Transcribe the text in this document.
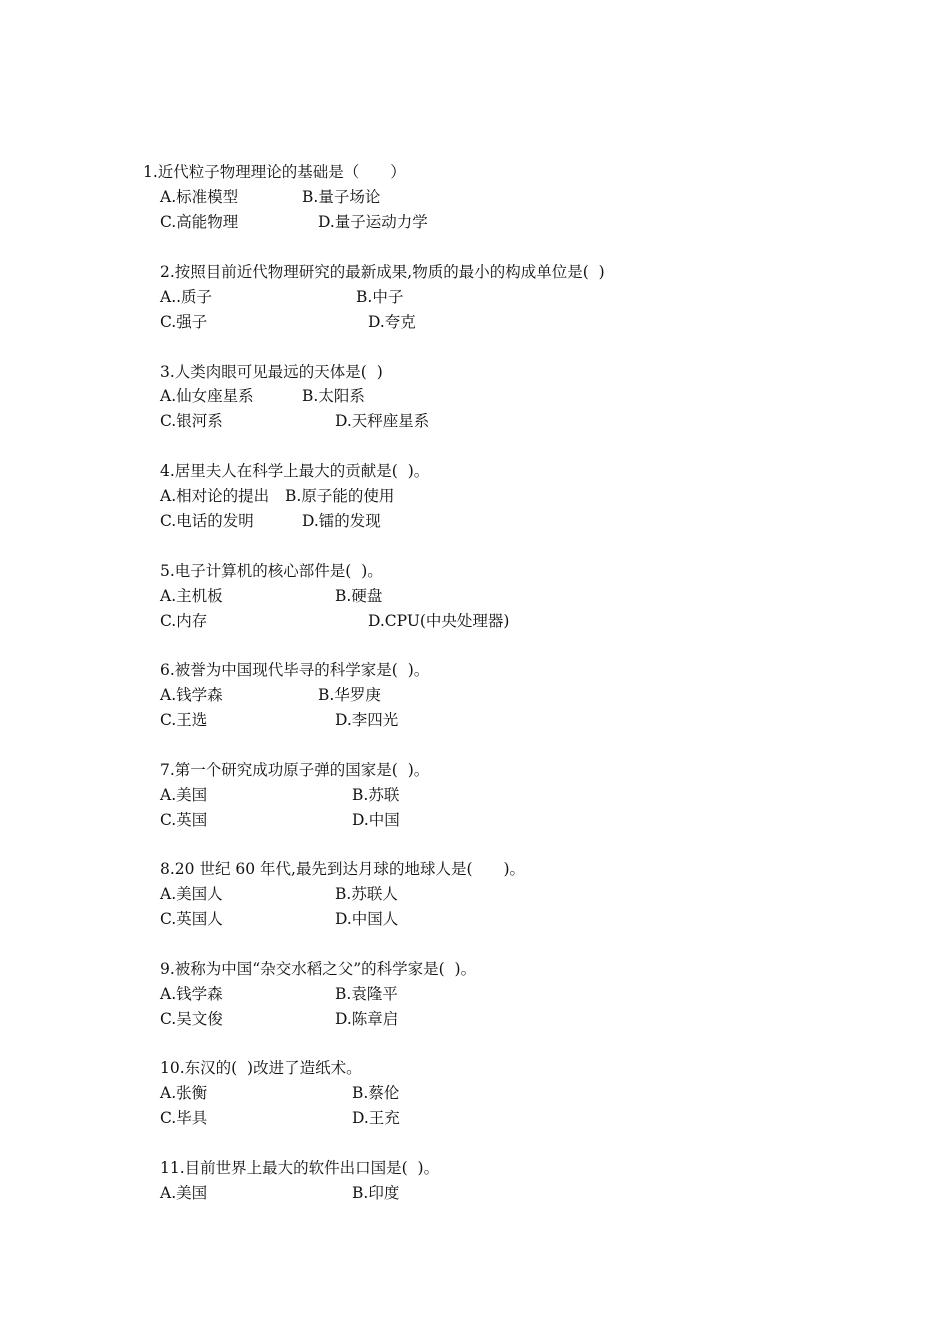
1.近代粒子物理理论的基础是（　　）
A.标准模型	B.量子场论
C.高能物理	D.量子运动力学
2.按照目前近代物理研究的最新成果,物质的最小的构成单位是(  )
A..质子	B.中子
C.强子	D.夸克
3.人类肉眼可见最远的天体是(  )
A.仙女座星系	B.太阳系
C.银河系	D.天秤座星系
4.居里夫人在科学上最大的贡献是(  )。
A.相对论的提出 B.原子能的使用
C.电话的发明	D.镭的发现
5.电子计算机的核心部件是(  )。
A.主机板	B.硬盘
C.内存	D.CPU(中央处理器)
6.被誉为中国现代毕寻的科学家是(  )。
A.钱学森	B.华罗庚
C.王选	D.李四光
7.第一个研究成功原子弹的国家是(  )。
A.美国	B.苏联
C.英国	D.中国
8.20 世纪 60 年代,最先到达月球的地球人是(　　)。
A.美国人	B.苏联人
C.英国人	D.中国人
9.被称为中国“杂交水稻之父”的科学家是(  )。
A.钱学森	B.袁隆平
C.吴文俊	D.陈章启
10.东汉的(  )改进了造纸术。
A.张衡	B.蔡伦
C.毕具	D.王充
11.目前世界上最大的软件出口国是(  )。
A.美国	B.印度
